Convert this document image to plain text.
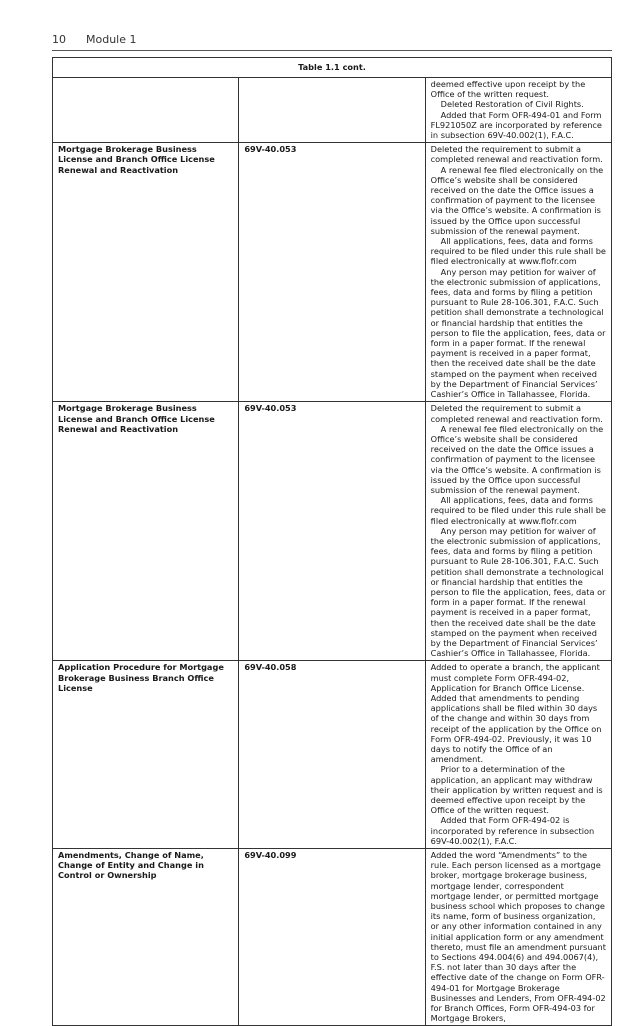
10 Module 1
Table 1.1 cont.		

		deemed effective upon receipt by the Office of the written request.

Deleted Restoration of Civil Rights.

Added that Form OFR-494-01 and Form FL921050Z are incorporated by reference in subsection 69V-40.002(1), F.A.C.

Mortgage Brokerage Business License and Branch Office License Renewal and Reactivation	69V-40.053	Deleted the requirement to submit a completed renewal and reactivation form.

A renewal fee filed electronically on the Office’s website shall be considered received on the date the Office issues a confirmation of payment to the licensee via the Office’s website. A confirmation is issued by the Office upon successful submission of the renewal payment.

All applications, fees, data and forms required to be filed under this rule shall be filed electronically at www.flofr.com

Any person may petition for waiver of the electronic submission of applications, fees, data and forms by filing a petition pursuant to Rule 28-106.301, F.A.C. Such petition shall demonstrate a technological or financial hardship that entitles the person to file the application, fees, data or form in a paper format. If the renewal payment is received in a paper format, then the received date shall be the date stamped on the payment when received by the Department of Financial Services’ Cashier’s Office in Tallahassee, Florida.

Mortgage Brokerage Business License and Branch Office License Renewal and Reactivation	69V-40.053	Deleted the requirement to submit a completed renewal and reactivation form.

A renewal fee filed electronically on the Office’s website shall be considered received on the date the Office issues a confirmation of payment to the licensee via the Office’s website. A confirmation is issued by the Office upon successful submission of the renewal payment.

All applications, fees, data and forms required to be filed under this rule shall be filed electronically at www.flofr.com

Any person may petition for waiver of the electronic submission of applications, fees, data and forms by filing a petition pursuant to Rule 28-106.301, F.A.C. Such petition shall demonstrate a technological or financial hardship that entitles the person to file the application, fees, data or form in a paper format. If the renewal payment is received in a paper format, then the received date shall be the date stamped on the payment when received by the Department of Financial Services’ Cashier’s Office in Tallahassee, Florida.

Application Procedure for Mortgage Brokerage Business Branch Office License	69V-40.058	Added to operate a branch, the applicant must complete Form OFR-494-02, Application for Branch Office License. Added that amendments to pending applications shall be filed within 30 days of the change and within 30 days from receipt of the application by the Office on Form OFR-494-02. Previously, it was 10 days to notify the Office of an amendment.

Prior to a determination of the application, an applicant may withdraw their application by written request and is deemed effective upon receipt by the Office of the written request.

Added that Form OFR-494-02 is incorporated by reference in subsection 69V-40.002(1), F.A.C.

Amendments, Change of Name, Change of Entity and Change in Control or Ownership	69V-40.099	Added the word “Amendments” to the rule. Each person licensed as a mortgage broker, mortgage brokerage business, mortgage lender, correspondent mortgage lender, or permitted mortgage business school which proposes to change its name, form of business organization, or any other information contained in any initial application form or any amendment thereto, must file an amendment pursuant to Sections 494.004(6) and 494.0067(4), F.S. not later than 30 days after the effective date of the change on Form OFR-494-01 for Mortgage Brokerage Businesses and Lenders, From OFR-494-02 for Branch Offices, Form OFR-494-03 for Mortgage Brokers,
